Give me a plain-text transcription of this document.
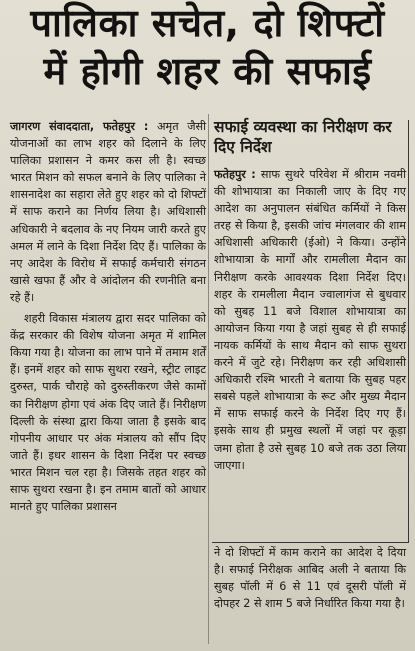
पालिका सचेत, दो शिफ्टों
में होगी शहर की सफाई

जागरण संवाददाता, फतेहपुर : अमृत जैसी योजनाओं का लाभ शहर को दिलाने के लिए पालिका प्रशासन ने कमर कस ली है। स्वच्छ भारत मिशन को सफल बनाने के लिए पालिका ने शासनादेश का सहारा लेते हुए शहर को दो शिफ्टों में साफ कराने का निर्णय लिया है। अधिशासी अधिकारी ने बदलाव के नए नियम जारी करते हुए अमल में लाने के दिशा निर्देश दिए हैं। पालिका के नए आदेश के विरोध में सफाई कर्मचारी संगठन खासे खफा हैं और वे आंदोलन की रणनीति बना रहे हैं।

शहरी विकास मंत्रालय द्वारा सदर पालिका को केंद्र सरकार की विशेष योजना अमृत में शामिल किया गया है। योजना का लाभ पाने में तमाम शर्तें हैं। इनमें शहर को साफ सुथरा रखने, स्ट्रीट लाइट दुरुस्त, पार्क चौराहे को दुरुस्तीकरण जैसे कामों का निरीक्षण होगा एवं अंक दिए जाते हैं। निरीक्षण दिल्ली के संस्था द्वारा किया जाता है इसके बाद गोपनीय आधार पर अंक मंत्रालय को सौंप दिए जाते हैं। इधर शासन के दिशा निर्देश पर स्वच्छ भारत मिशन चल रहा है। जिसके तहत शहर को साफ सुथरा रखना है। इन तमाम बातों को आधार मानते हुए पालिका प्रशासन

सफाई व्यवस्था का निरीक्षण कर दिए निर्देश

फतेहपुर : साफ सुथरे परिवेश में श्रीराम नवमी की शोभायात्रा का निकाली जाए के दिए गए आदेश का अनुपालन संबंधित कर्मियों ने किस तरह से किया है, इसकी जांच मंगलवार की शाम अधिशासी अधिकारी (ईओ) ने किया। उन्होंने शोभायात्रा के मार्गों और रामलीला मैदान का निरीक्षण करके आवश्यक दिशा निर्देश दिए। शहर के रामलीला मैदान ज्वालागंज से बुधवार को सुबह 11 बजे विशाल शोभायात्रा का आयोजन किया गया है जहां सुबह से ही सफाई नायक कर्मियों के साथ मैदान को साफ सुथरा करने में जुटे रहे। निरीक्षण कर रही अधिशासी अधिकारी रश्मि भारती ने बताया कि सुबह पहर सबसे पहले शोभायात्रा के रूट और मुख्य मैदान में साफ सफाई करने के निर्देश दिए गए हैं। इसके साथ ही प्रमुख स्थलों में जहां पर कूड़ा जमा होता है उसे सुबह 10 बजे तक उठा लिया जाएगा।

ने दो शिफ्टों में काम कराने का आदेश दे दिया है। सफाई निरीक्षक आबिद अली ने बताया कि सुबह पॉली में 6 से 11 एवं दूसरी पॉली में दोपहर 2 से शाम 5 बजे निर्धारित किया गया है।
